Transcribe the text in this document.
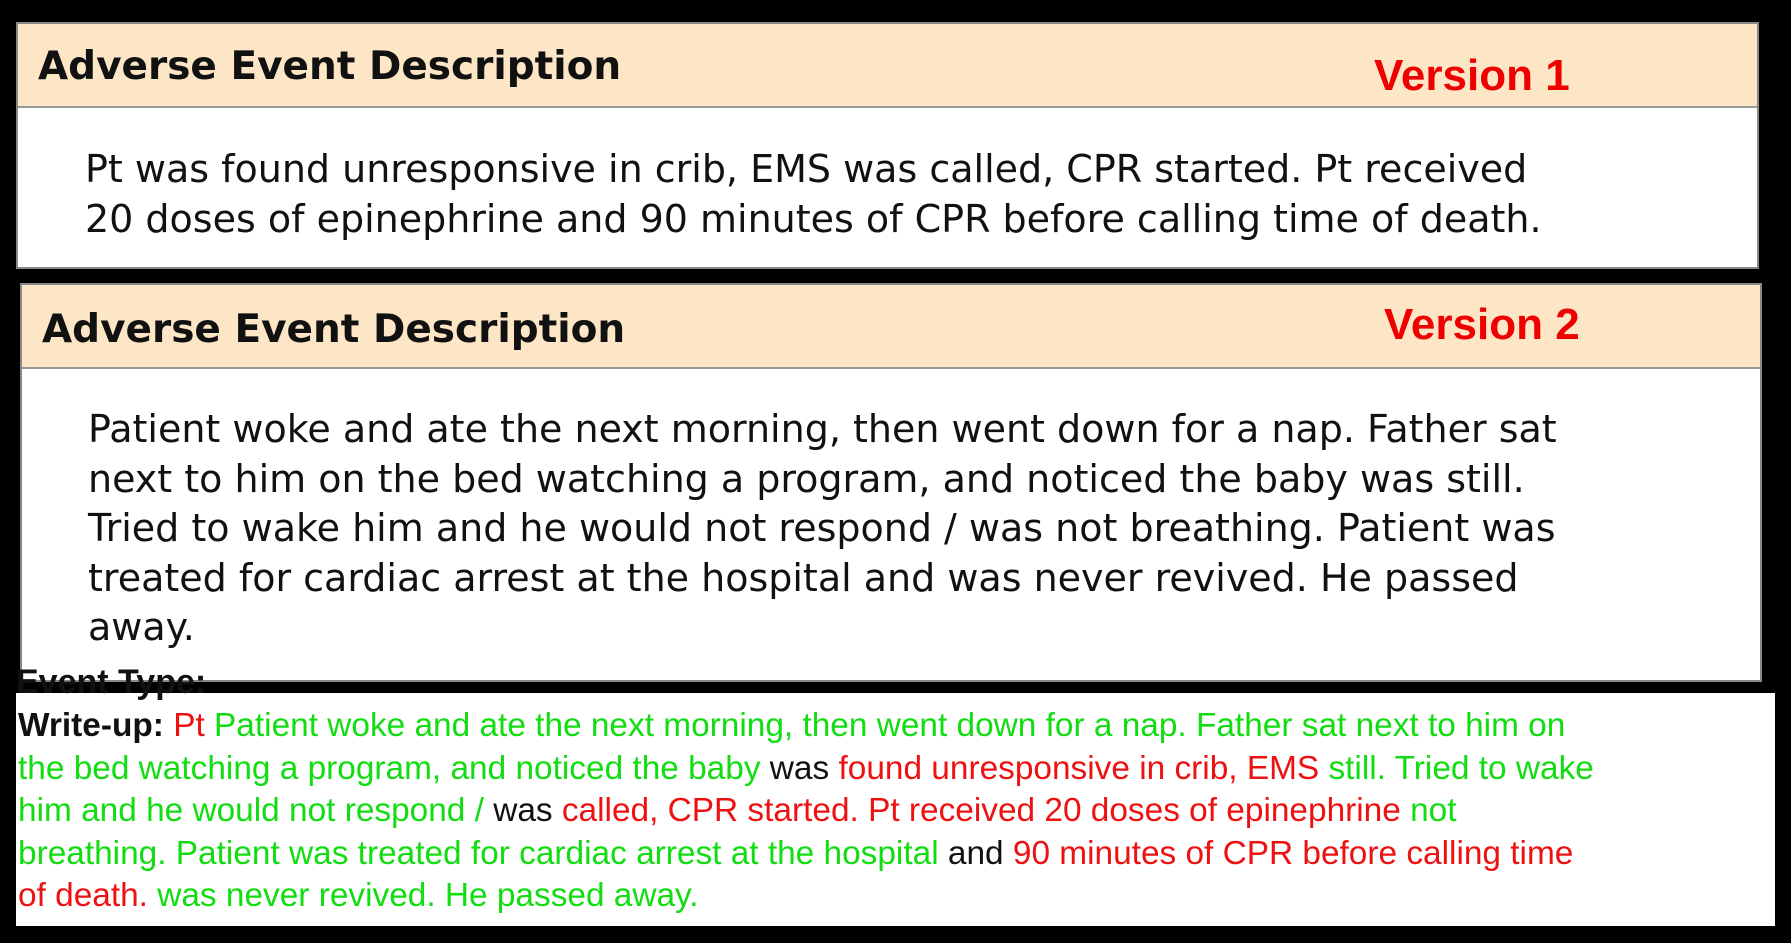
Adverse Event Description	Version 1
Pt was found unresponsive in crib, EMS was called, CPR started. Pt received
20 doses of epinephrine and 90 minutes of CPR before calling time of death.
Adverse Event Description	Version 2
Patient woke and ate the next morning, then went down for a nap. Father sat
next to him on the bed watching a program, and noticed the baby was still.
Tried to wake him and he would not respond / was not breathing. Patient was
treated for cardiac arrest at the hospital and was never revived. He passed
away.
Event Type:
Write-up: Pt Patient woke and ate the next morning, then went down for a nap. Father sat next to him on
the bed watching a program, and noticed the baby was found unresponsive in crib, EMS still. Tried to wake
him and he would not respond / was called, CPR started. Pt received 20 doses of epinephrine not
breathing. Patient was treated for cardiac arrest at the hospital and 90 minutes of CPR before calling time
of death. was never revived. He passed away.
